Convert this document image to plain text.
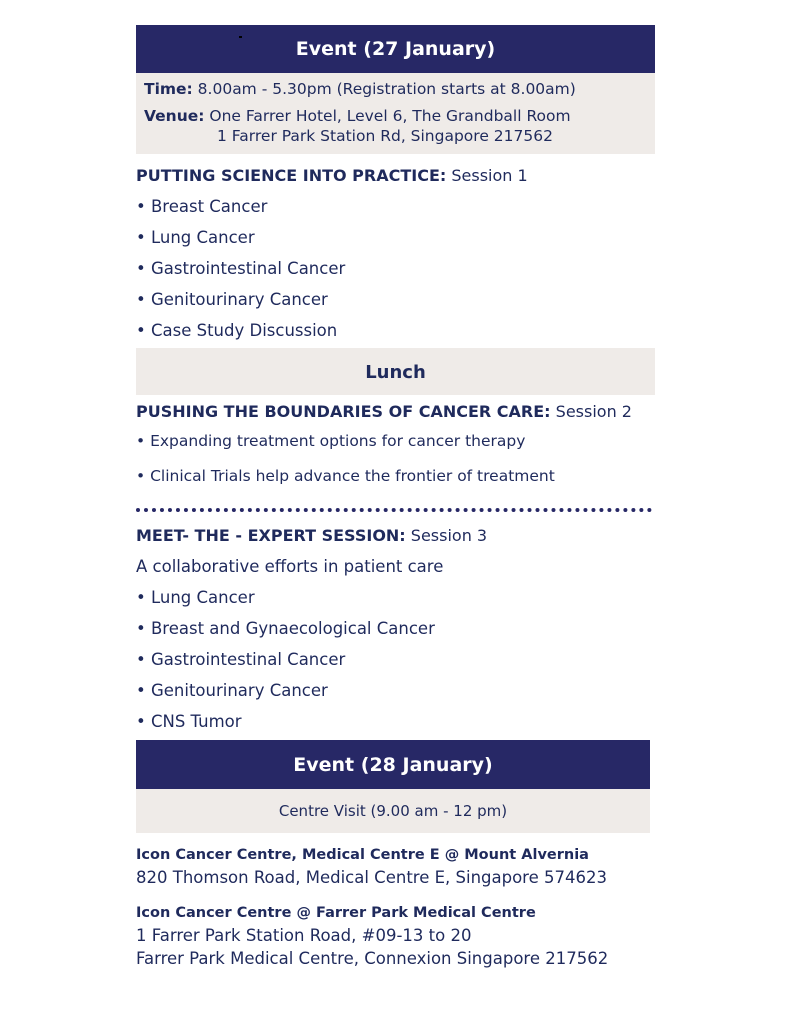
Event (27 January)
Time: 8.00am - 5.30pm (Registration starts at 8.00am)
Venue: One Farrer Hotel, Level 6, The Grandball Room
1 Farrer Park Station Rd, Singapore 217562
PUTTING SCIENCE INTO PRACTICE: Session 1
• Breast Cancer
• Lung Cancer
• Gastrointestinal Cancer
• Genitourinary Cancer
• Case Study Discussion
Lunch
PUSHING THE BOUNDARIES OF CANCER CARE: Session 2
• Expanding treatment options for cancer therapy
• Clinical Trials help advance the frontier of treatment
MEET- THE - EXPERT SESSION: Session 3
A collaborative efforts in patient care
• Lung Cancer
• Breast and Gynaecological Cancer
• Gastrointestinal Cancer
• Genitourinary Cancer
• CNS Tumor
Event (28 January)
Centre Visit (9.00 am - 12 pm)
Icon Cancer Centre, Medical Centre E @ Mount Alvernia
820 Thomson Road, Medical Centre E, Singapore 574623
Icon Cancer Centre @ Farrer Park Medical Centre
1 Farrer Park Station Road, #09-13 to 20
Farrer Park Medical Centre, Connexion Singapore 217562
